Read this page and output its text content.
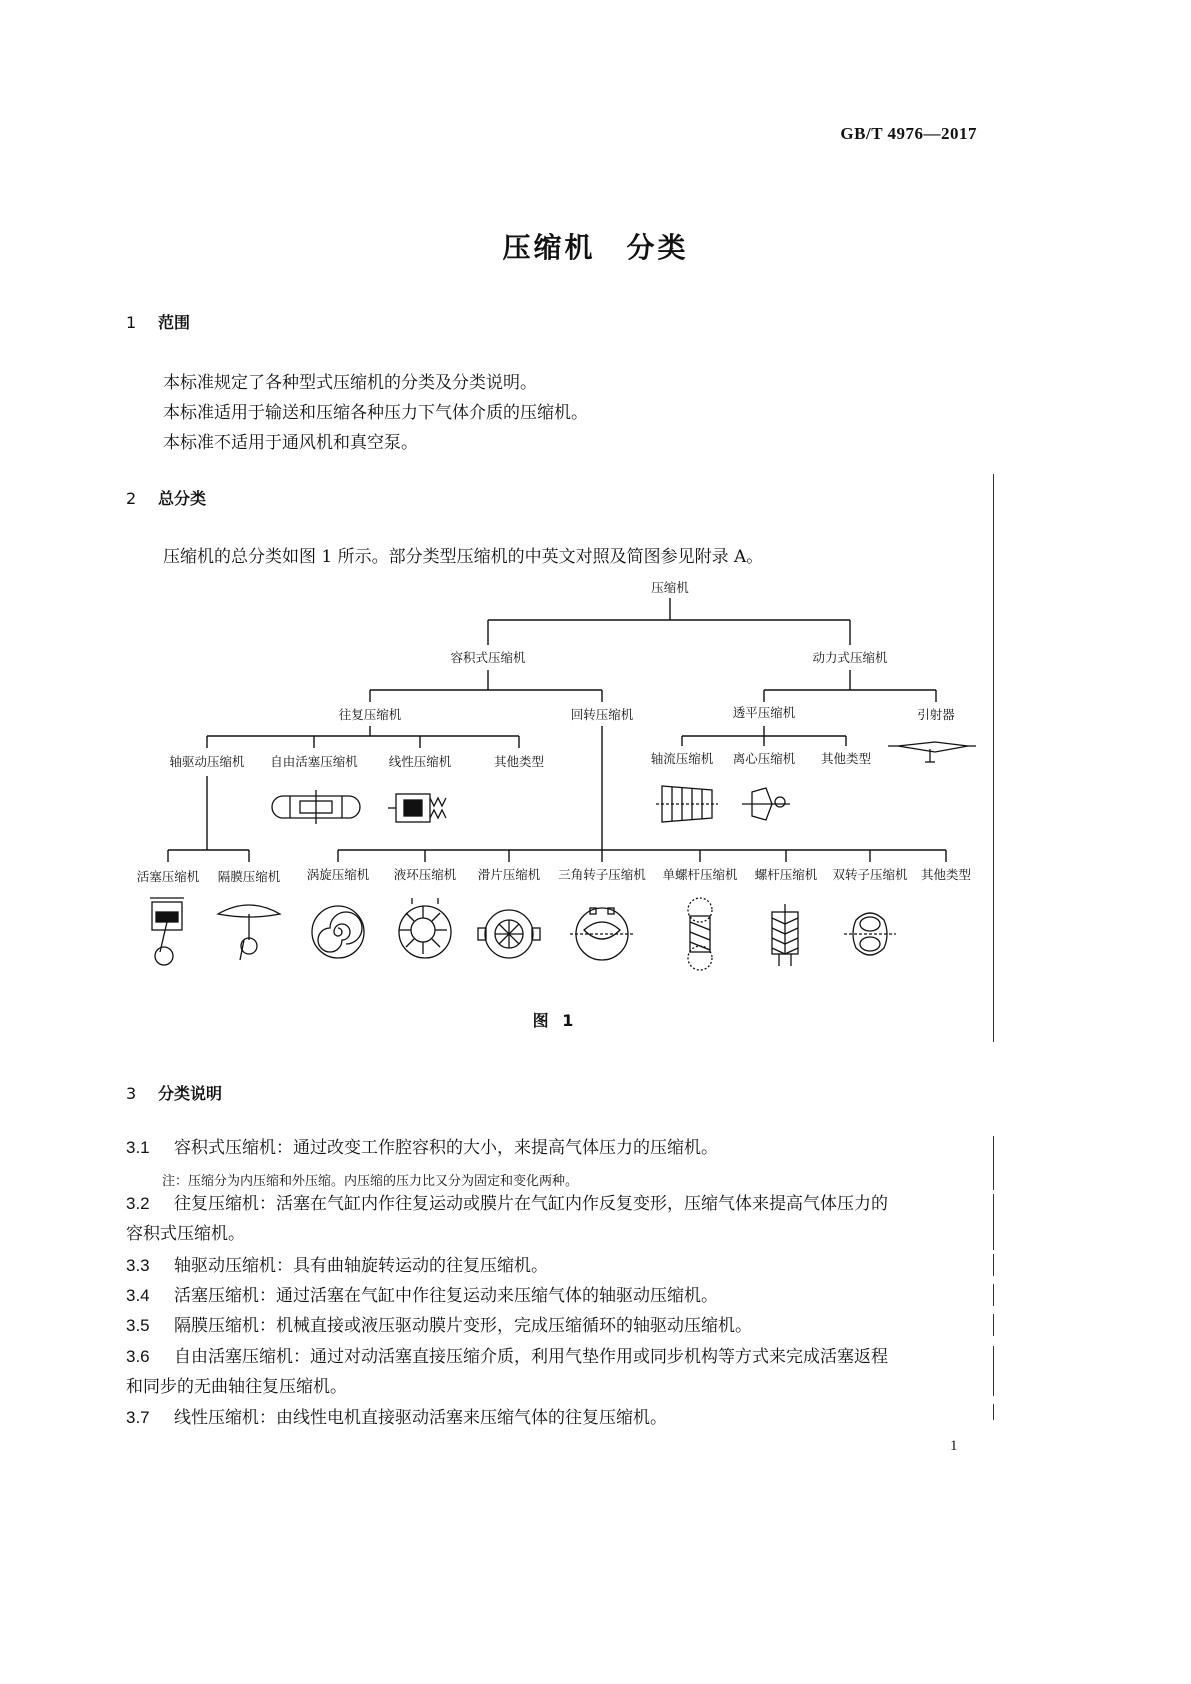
GB/T 4976—2017
压缩机　分类
1 范围
本标准规定了各种型式压缩机的分类及分类说明。
本标准适用于输送和压缩各种压力下气体介质的压缩机。
本标准不适用于通风机和真空泵。
2 总分类
压缩机的总分类如图 1 所示。部分类型压缩机的中英文对照及简图参见附录 A。
压缩机
容积式压缩机	动力式压缩机
往复压缩机	回转压缩机	透平压缩机	引射器
轴驱动压缩机 自由活塞压缩机 线性压缩机	其他类型	轴流压缩机 离心压缩机 其他类型
活塞压缩机 隔膜压缩机 涡旋压缩机 液环压缩机 滑片压缩机 三角转子压缩机 单螺杆压缩机 螺杆压缩机 双转子压缩机 其他类型
图 1
3 分类说明
3.1 容积式压缩机：通过改变工作腔容积的大小，来提高气体压力的压缩机。
注：压缩分为内压缩和外压缩。内压缩的压力比又分为固定和变化两种。
3.2 往复压缩机：活塞在气缸内作往复运动或膜片在气缸内作反复变形，压缩气体来提高气体压力的
容积式压缩机。
3.3 轴驱动压缩机：具有曲轴旋转运动的往复压缩机。
3.4 活塞压缩机：通过活塞在气缸中作往复运动来压缩气体的轴驱动压缩机。
3.5 隔膜压缩机：机械直接或液压驱动膜片变形，完成压缩循环的轴驱动压缩机。
3.6 自由活塞压缩机：通过对动活塞直接压缩介质，利用气垫作用或同步机构等方式来完成活塞返程
和同步的无曲轴往复压缩机。
3.7 线性压缩机：由线性电机直接驱动活塞来压缩气体的往复压缩机。
1
